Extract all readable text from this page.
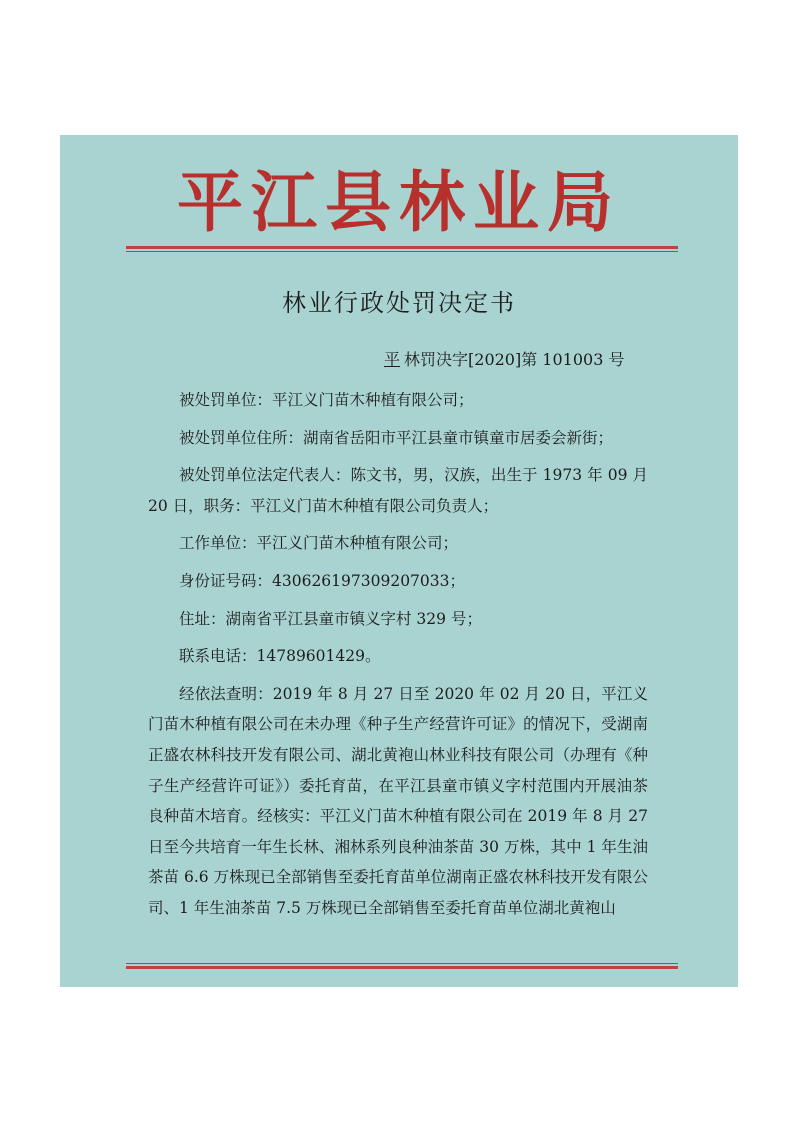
平江县林业局
林业行政处罚决定书
平 林罚决字[2020]第 101003 号

被处罚单位：平江义门苗木种植有限公司；

被处罚单位住所：湖南省岳阳市平江县童市镇童市居委会新街；

被处罚单位法定代表人：陈文书，男，汉族，出生于 1973 年 09 月 20 日，职务：平江义门苗木种植有限公司负责人；

工作单位：平江义门苗木种植有限公司；

身份证号码：430626197309207033；

住址：湖南省平江县童市镇义字村 329 号；

联系电话：14789601429。

经依法查明：2019 年 8 月 27 日至 2020 年 02 月 20 日，平江义门苗木种植有限公司在未办理《种子生产经营许可证》的情况下，受湖南正盛农林科技开发有限公司、湖北黄袍山林业科技有限公司（办理有《种子生产经营许可证》）委托育苗，在平江县童市镇义字村范围内开展油茶良种苗木培育。经核实：平江义门苗木种植有限公司在 2019 年 8 月 27 日至今共培育一年生长林、湘林系列良种油茶苗 30 万株，其中 1 年生油茶苗 6.6 万株现已全部销售至委托育苗单位湖南正盛农林科技开发有限公司、1 年生油茶苗 7.5 万株现已全部销售至委托育苗单位湖北黄袍山
